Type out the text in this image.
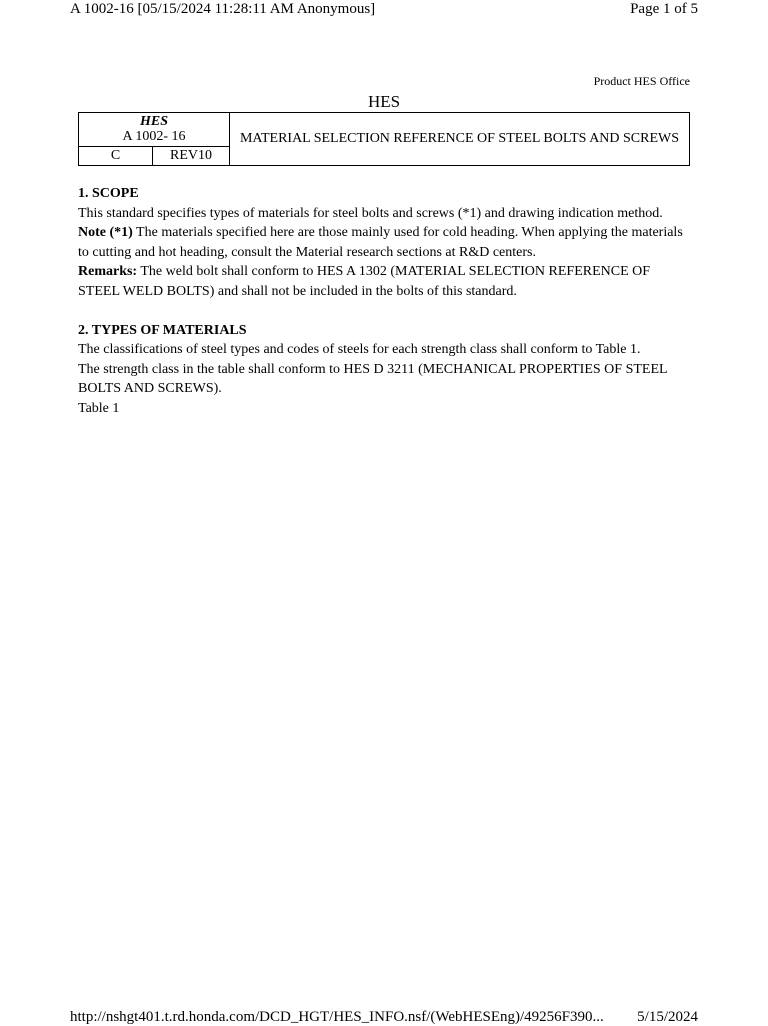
A 1002-16 [05/15/2024 11:28:11 AM Anonymous]	Page 1 of 5
Product HES Office
HES
HES
A 1002- 16		MATERIAL SELECTION REFERENCE OF STEEL BOLTS AND SCREWS
C	REV10	
1. SCOPE

This standard specifies types of materials for steel bolts and screws (*1) and drawing indication method.

Note (*1) The materials specified here are those mainly used for cold heading. When applying the materials to cutting and hot heading, consult the Material research sections at R&D centers.

Remarks: The weld bolt shall conform to HES A 1302 (MATERIAL SELECTION REFERENCE OF STEEL WELD BOLTS) and shall not be included in the bolts of this standard.

2. TYPES OF MATERIALS

The classifications of steel types and codes of steels for each strength class shall conform to Table 1.

The strength class in the table shall conform to HES D 3211 (MECHANICAL PROPERTIES OF STEEL BOLTS AND SCREWS).

Table 1

http://nshgt401.t.rd.honda.com/DCD_HGT/HES_INFO.nsf/(WebHESEng)/49256F390... 5/15/2024
